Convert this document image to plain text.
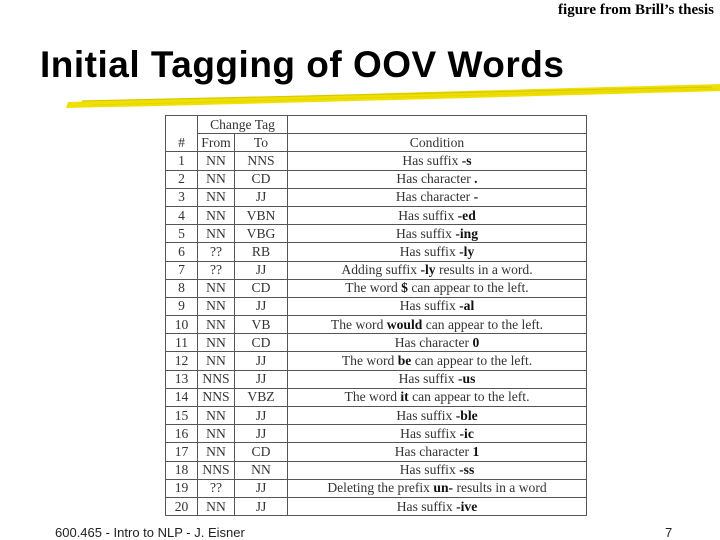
figure from Brill’s thesis
Initial Tagging of OOV Words
	Change Tag		
#	From	To	Condition
1	NN	NNS	Has suffix -s
2	NN	CD	Has character .
3	NN	JJ	Has character -
4	NN	VBN	Has suffix -ed
5	NN	VBG	Has suffix -ing
6	??	RB	Has suffix -ly
7	??	JJ	Adding suffix -ly results in a word.
8	NN	CD	The word $ can appear to the left.
9	NN	JJ	Has suffix -al
10	NN	VB	The word would can appear to the left.
11	NN	CD	Has character 0
12	NN	JJ	The word be can appear to the left.
13	NNS	JJ	Has suffix -us
14	NNS	VBZ	The word it can appear to the left.
15	NN	JJ	Has suffix -ble
16	NN	JJ	Has suffix -ic
17	NN	CD	Has character 1
18	NNS	NN	Has suffix -ss
19	??	JJ	Deleting the prefix un- results in a word
20	NN	JJ	Has suffix -ive
600.465 - Intro to NLP - J. Eisner	7
